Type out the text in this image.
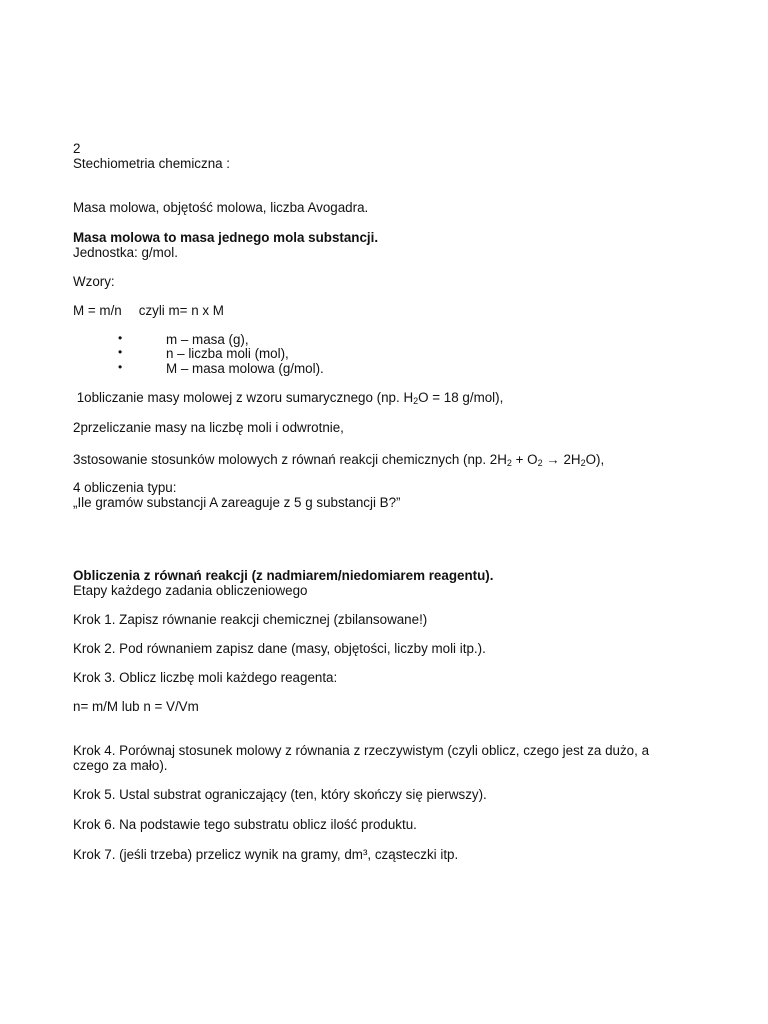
2

Stechiometria chemiczna :

Masa molowa, objętość molowa, liczba Avogadra.

Masa molowa to masa jednego mola substancji.

Jednostka: g/mol.

Wzory:

M = m/n czyli m= n x M

•	m – masa (g),
•	n – liczba moli (mol),
•	M – masa molowa (g/mol).

1obliczanie masy molowej z wzoru sumarycznego (np. $H_2O = 18$ g/mol),

2przeliczanie masy na liczbę moli i odwrotnie,

3stosowanie stosunków molowych z równań reakcji chemicznych (np. $2H_2 + O_2 \to 2H_2O$),

4 obliczenia typu:

„Ile gramów substancji A zareaguje z 5 g substancji B?”

Obliczenia z równań reakcji (z nadmiarem/niedomiarem reagentu).

Etapy każdego zadania obliczeniowego

Krok 1. Zapisz równanie reakcji chemicznej (zbilansowane!)

Krok 2. Pod równaniem zapisz dane (masy, objętości, liczby moli itp.).

Krok 3. Oblicz liczbę moli każdego reagenta:

n= m/M lub n = V/Vm

Krok 4. Porównaj stosunek molowy z równania z rzeczywistym (czyli oblicz, czego jest za dużo, a

czego za mało).

Krok 5. Ustal substrat ograniczający (ten, który skończy się pierwszy).

Krok 6. Na podstawie tego substratu oblicz ilość produktu.

Krok 7. (jeśli trzeba) przelicz wynik na gramy, dm³, cząsteczki itp.
